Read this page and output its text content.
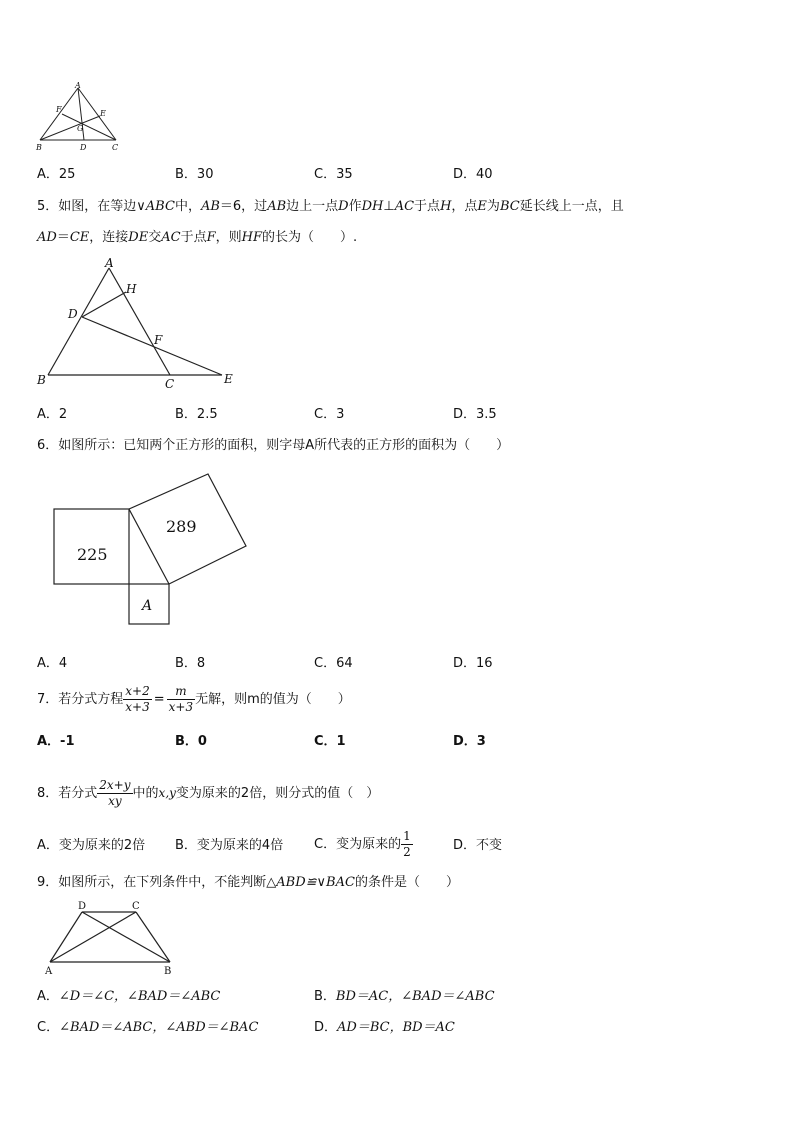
A
F	E
G
B	D	C
A．25	B．30	C．35	D．40
5．如图，在等边∨ABC中，AB＝6，过AB边上一点D作DH⊥AC于点H，点E为BC延长线上一点，且
AD＝CE，连接DE交AC于点F，则HF的长为（　　）.
A
H
D
F
B	C	E
A．2	B．2.5	C．3	D．3.5
6．如图所示：已知两个正方形的面积，则字母A所代表的正方形的面积为（　　）
225
289
A
A．4	B．8	C．64	D．16
7．若分式方程 $\frac{x+2}{x+3} = \frac{m}{x+3}$ 无解，则m的值为（　　）
A．-1	B．0	C．1	D．3
8．若分式 $\frac{2x+y}{xy}$ 中的x,y变为原来的2倍，则分式的值（　）
A．变为原来的2倍 B．变为原来的4倍 C．变为原来的 $\frac{1}{2}$	D．不变
9．如图所示，在下列条件中，不能判断△ABD≌∨BAC的条件是（　　）
D	C
A	B
A．∠D＝∠C，∠BAD＝∠ABC	B．BD＝AC，∠BAD＝∠ABC
C．∠BAD＝∠ABC，∠ABD＝∠BAC	D．AD＝BC，BD＝AC
